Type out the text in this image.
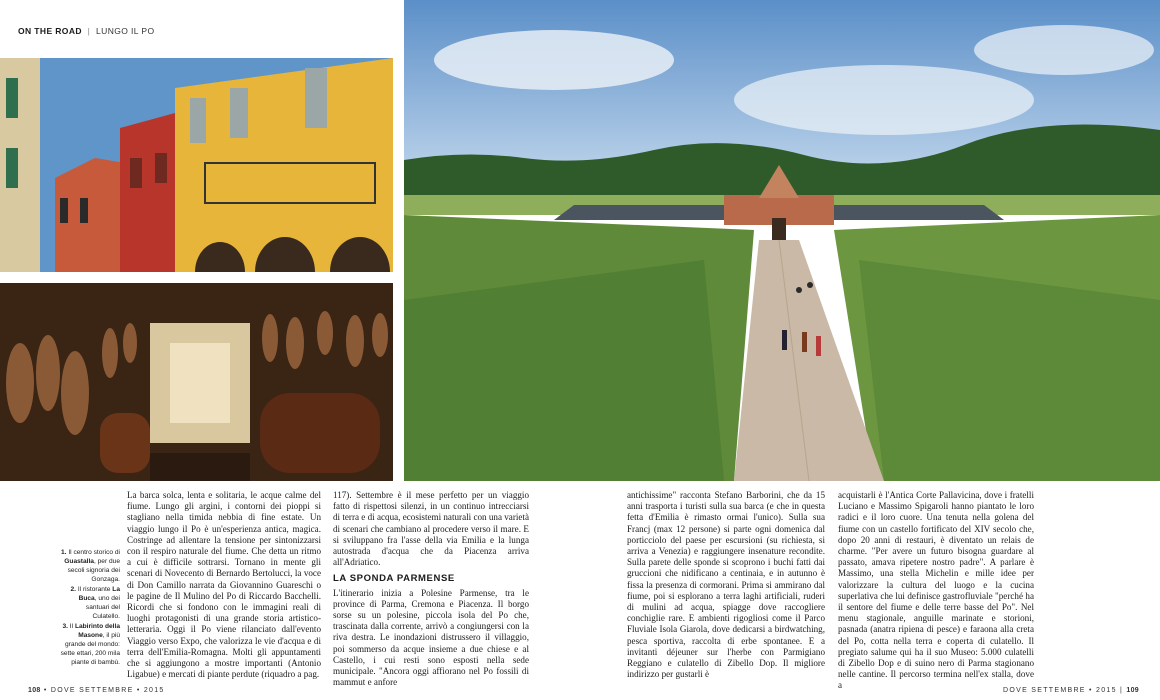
ON THE ROAD | LUNGO IL PO

1. Il centro storico di Guastalla, per due secoli signoria dei Gonzaga.

2. Il ristorante La Buca, uno dei santuari del Culatello.

3. Il Labirinto della Masone, il più grande del mondo: sette ettari, 200 mila piante di bambù.

La barca solca, lenta e solitaria, le acque calme del fiume. Lungo gli argini, i contorni dei pioppi si stagliano nella timida nebbia di fine estate. Un viaggio lungo il Po è un'esperienza antica, magica. Costringe ad allentare la tensione per sintonizzarsi con il respiro naturale del fiume. Che detta un ritmo a cui è difficile sottrarsi. Tornano in mente gli scenari di Novecento di Bernardo Bertolucci, la voce di Don Camillo narrata da Giovannino Guareschi o le pagine de Il Mulino del Po di Riccardo Bacchelli. Ricordi che si fondono con le immagini reali di luoghi protagonisti di una grande storia artistico-letteraria. Oggi il Po viene rilanciato dall'evento Viaggio verso Expo, che valorizza le vie d'acqua e di terra dell'Emilia-Romagna. Molti gli appuntamenti che si aggiungono a mostre importanti (Antonio Ligabue) e mercati di piante perdute (riquadro a pag.

117). Settembre è il mese perfetto per un viaggio fatto di rispettosi silenzi, in un continuo intrecciarsi di terra e di acqua, ecosistemi naturali con una varietà di scenari che cambiano al procedere verso il mare. E si sviluppano fra l'asse della via Emilia e la lunga autostrada d'acqua che da Piacenza arriva all'Adriatico.

LA SPONDA PARMENSE

L'itinerario inizia a Polesine Parmense, tra le province di Parma, Cremona e Piacenza. Il borgo sorse su un polesine, piccola isola del Po che, trascinata dalla corrente, arrivò a congiungersi con la riva destra. Le inondazioni distrussero il villaggio, poi sommerso da acque insieme a due chiese e al Castello, i cui resti sono esposti nella sede municipale. "Ancora oggi affiorano nel Po fossili di mammut e anfore

antichissime" racconta Stefano Barborini, che da 15 anni trasporta i turisti sulla sua barca (e che in questa fetta d'Emilia è rimasto ormai l'unico). Sulla sua Francj (max 12 persone) si parte ogni domenica dal porticciolo del paese per escursioni (su richiesta, si arriva a Venezia) e raggiungere insenature recondite. Sulla parete delle sponde si scoprono i buchi fatti dai gruccioni che nidificano a centinaia, e in autunno è fissa la presenza di cormorani. Prima si ammirano dal fiume, poi si esplorano a terra laghi artificiali, ruderi di mulini ad acqua, spiagge dove raccogliere conchiglie rare. E ambienti rigogliosi come il Parco Fluviale Isola Giarola, dove dedicarsi a birdwatching, pesca sportiva, raccolta di erbe spontanee. E a invitanti déjeuner sur l'herbe con Parmigiano Reggiano e culatello di Zibello Dop. Il migliore indirizzo per gustarli è

acquistarli è l'Antica Corte Pallavicina, dove i fratelli Luciano e Massimo Spigaroli hanno piantato le loro radici e il loro cuore. Una tenuta nella golena del fiume con un castello fortificato del XIV secolo che, dopo 20 anni di restauri, è diventato un relais de charme. "Per avere un futuro bisogna guardare al passato, amava ripetere nostro padre". A parlare è Massimo, una stella Michelin e mille idee per valorizzare la cultura del luogo e la cucina superlativa che lui definisce gastrofluviale "perché ha il sentore del fiume e delle terre basse del Po". Nel menu stagionale, anguille marinate e storioni, pasnada (anatra ripiena di pesce) e faraona alla creta del Po, cotta nella terra e coperta di culatello. Il pregiato salume qui ha il suo Museo: 5.000 culatelli di Zibello Dop e di suino nero di Parma stagionano nelle cantine. Il percorso termina nell'ex stalla, dove a

108 • DOVE SETTEMBRE • 2015	DOVE SETTEMBRE • 2015 | 109
